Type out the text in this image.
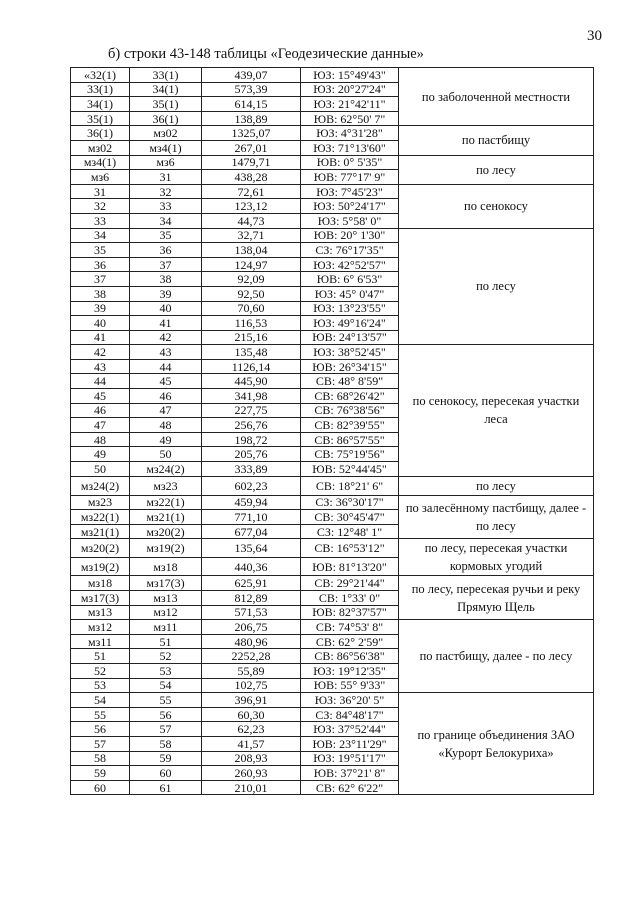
30
б) строки 43-148 таблицы «Геодезические данные»
«32(1)	33(1)	439,07	ЮЗ: 15°49'43"	по заболоченной местности
33(1)	34(1)	573,39	ЮЗ: 20°27'24"	
34(1)	35(1)	614,15	ЮЗ: 21°42'11"	
35(1)	36(1)	138,89	ЮВ: 62°50' 7"	
36(1)	мз02	1325,07	ЮЗ: 4°31'28"	по пастбищу
мз02	мз4(1)	267,01	ЮЗ: 71°13'60"	
мз4(1)	мз6	1479,71	ЮВ: 0° 5'35"	по лесу
мз6	31	438,28	ЮВ: 77°17' 9"	
31	32	72,61	ЮЗ: 7°45'23"	по сенокосу
32	33	123,12	ЮЗ: 50°24'17"	
33	34	44,73	ЮЗ: 5°58' 0"	
34	35	32,71	ЮВ: 20° 1'30"	по лесу
35	36	138,04	СЗ: 76°17'35"	
36	37	124,97	ЮЗ: 42°52'57"	
37	38	92,09	ЮВ: 6° 6'53"	
38	39	92,50	ЮЗ: 45° 0'47"	
39	40	70,60	ЮЗ: 13°23'55"	
40	41	116,53	ЮЗ: 49°16'24"	
41	42	215,16	ЮВ: 24°13'57"	
42	43	135,48	ЮЗ: 38°52'45"	по сенокосу, пересекая участки леса
43	44	1126,14	ЮВ: 26°34'15"	
44	45	445,90	СВ: 48° 8'59"	
45	46	341,98	СВ: 68°26'42"	
46	47	227,75	СВ: 76°38'56"	
47	48	256,76	СВ: 82°39'55"	
48	49	198,72	СВ: 86°57'55"	
49	50	205,76	СВ: 75°19'56"	
50	мз24(2)	333,89	ЮВ: 52°44'45"	
мз24(2)	мз23	602,23	СВ: 18°21' 6"	по лесу
мз23	мз22(1)	459,94	СЗ: 36°30'17"	по залесённому пастбищу, далее - по лесу
мз22(1)	мз21(1)	771,10	СВ: 30°45'47"	
мз21(1)	мз20(2)	677,04	СЗ: 12°48' 1"	
мз20(2)	мз19(2)	135,64	СВ: 16°53'12"	по лесу, пересекая участки кормовых угодий
мз19(2)	мз18	440,36	ЮВ: 81°13'20"	
мз18	мз17(3)	625,91	СВ: 29°21'44"	по лесу, пересекая ручьи и реку Прямую Щель
мз17(3)	мз13	812,89	СВ: 1°33' 0"	
мз13	мз12	571,53	ЮВ: 82°37'57"	
мз12	мз11	206,75	СВ: 74°53' 8"	по пастбищу, далее - по лесу
мз11	51	480,96	СВ: 62° 2'59"	
51	52	2252,28	СВ: 86°56'38"	
52	53	55,89	ЮЗ: 19°12'35"	
53	54	102,75	ЮВ: 55° 9'33"	
54	55	396,91	ЮЗ: 36°20' 5"	по границе объединения ЗАО «Курорт Белокуриха»
55	56	60,30	СЗ: 84°48'17"	
56	57	62,23	ЮЗ: 37°52'44"	
57	58	41,57	ЮВ: 23°11'29"	
58	59	208,93	ЮЗ: 19°51'17"	
59	60	260,93	ЮВ: 37°21' 8"	
60	61	210,01	СВ: 62° 6'22"	
